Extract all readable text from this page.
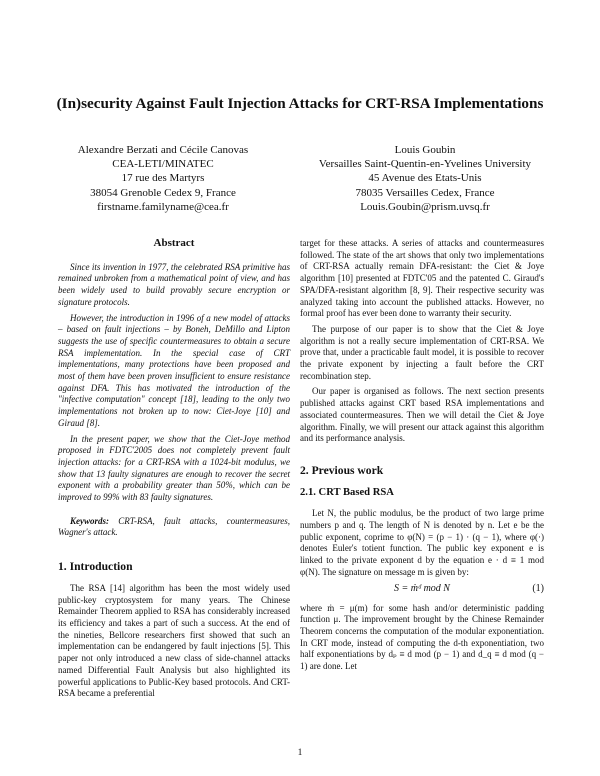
(In)security Against Fault Injection Attacks for CRT-RSA Implementations
Alexandre Berzati and Cécile Canovas
CEA-LETI/MINATEC
17 rue des Martyrs
38054 Grenoble Cedex 9, France
firstname.familyname@cea.fr
Louis Goubin
Versailles Saint-Quentin-en-Yvelines University
45 Avenue des Etats-Unis
78035 Versailles Cedex, France
Louis.Goubin@prism.uvsq.fr
Abstract

Since its invention in 1977, the celebrated RSA primitive has remained unbroken from a mathematical point of view, and has been widely used to build provably secure encryption or signature protocols.

However, the introduction in 1996 of a new model of attacks – based on fault injections – by Boneh, DeMillo and Lipton suggests the use of specific countermeasures to obtain a secure RSA implementation. In the special case of CRT implementations, many protections have been proposed and most of them have been proven insufficient to ensure resistance against DFA. This has motivated the introduction of the "infective computation" concept [18], leading to the only two implementations not broken up to now: Ciet-Joye [10] and Giraud [8].

In the present paper, we show that the Ciet-Joye method proposed in FDTC'2005 does not completely prevent fault injection attacks: for a CRT-RSA with a 1024-bit modulus, we show that 13 faulty signatures are enough to recover the secret exponent with a probability greater than 50%, which can be improved to 99% with 83 faulty signatures.

Keywords: CRT-RSA, fault attacks, countermeasures, Wagner's attack.

1. Introduction

The RSA [14] algorithm has been the most widely used public-key cryptosystem for many years. The Chinese Remainder Theorem applied to RSA has considerably increased its efficiency and takes a part of such a success. At the end of the nineties, Bellcore researchers first showed that such an implementation can be endangered by fault injections [5]. This paper not only introduced a new class of side-channel attacks named Differential Fault Analysis but also highlighted its powerful applications to Public-Key based protocols. And CRT-RSA became a preferential

target for these attacks. A series of attacks and countermeasures followed. The state of the art shows that only two implementations of CRT-RSA actually remain DFA-resistant: the Ciet & Joye algorithm [10] presented at FDTC'05 and the patented C. Giraud's SPA/DFA-resistant algorithm [8, 9]. Their respective security was analyzed taking into account the published attacks. However, no formal proof has ever been done to warranty their security.

The purpose of our paper is to show that the Ciet & Joye algorithm is not a really secure implementation of CRT-RSA. We prove that, under a practicable fault model, it is possible to recover the private exponent by injecting a fault before the CRT recombination step.

Our paper is organised as follows. The next section presents published attacks against CRT based RSA implementations and associated countermeasures. Then we will detail the Ciet & Joye algorithm. Finally, we will present our attack against this algorithm and its performance analysis.

2. Previous work
2.1. CRT Based RSA

Let N, the public modulus, be the product of two large prime numbers p and q. The length of N is denoted by n. Let e be the public exponent, coprime to φ(N) = (p − 1) · (q − 1), where φ(·) denotes Euler's totient function. The public key exponent e is linked to the private exponent d by the equation e · d ≡ 1 mod φ(N). The signature on message m is given by:

S = ṁᵈ mod N	(1)

where ṁ = μ(m) for some hash and/or deterministic padding function μ. The improvement brought by the Chinese Remainder Theorem concerns the computation of the modular exponentiation. In CRT mode, instead of computing the d-th exponentiation, two half exponentiations by dₚ ≡ d mod (p − 1) and d_q ≡ d mod (q − 1) are done. Let

1
